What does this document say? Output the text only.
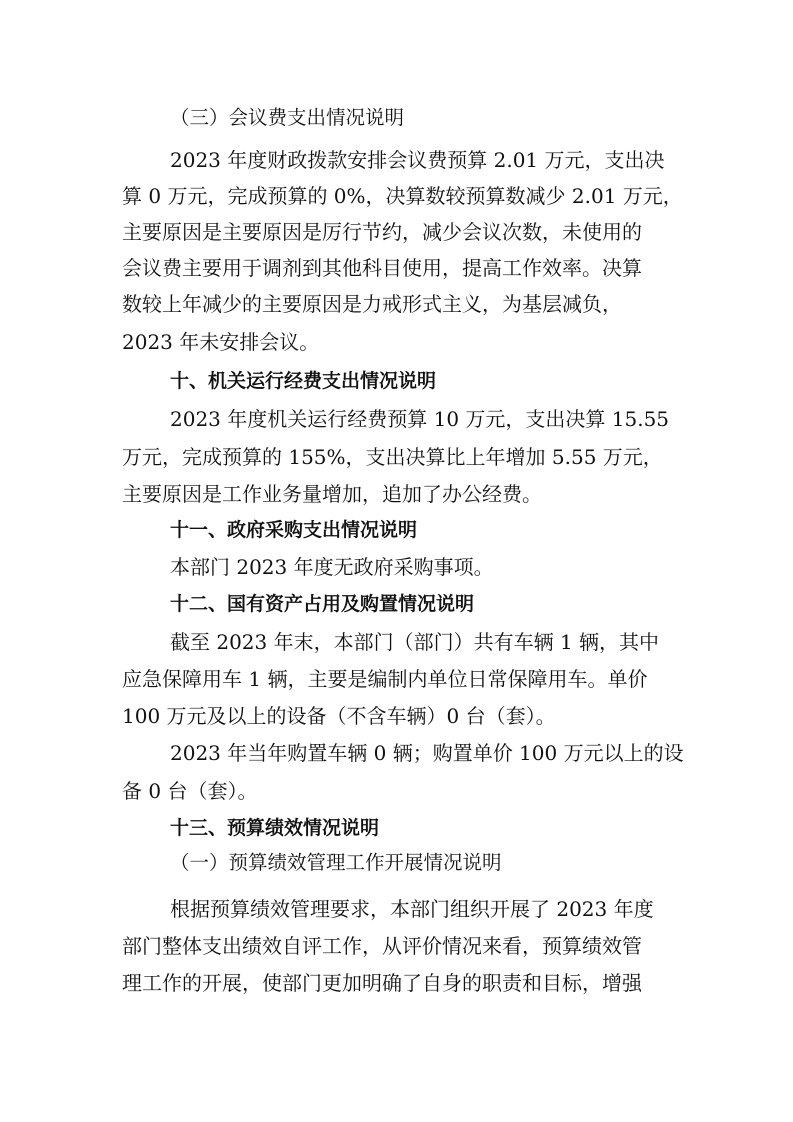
（三）会议费支出情况说明
2023 年度财政拨款安排会议费预算 2.01 万元，支出决
算 0 万元，完成预算的 0%，决算数较预算数减少 2.01 万元，
主要原因是主要原因是厉行节约，减少会议次数，未使用的
会议费主要用于调剂到其他科目使用，提高工作效率。决算
数较上年减少的主要原因是力戒形式主义，为基层减负，
2023 年未安排会议。
十、机关运行经费支出情况说明
2023 年度机关运行经费预算 10 万元，支出决算 15.55
万元，完成预算的 155%，支出决算比上年增加 5.55 万元，
主要原因是工作业务量增加，追加了办公经费。
十一、政府采购支出情况说明
本部门 2023 年度无政府采购事项。
十二、国有资产占用及购置情况说明
截至 2023 年末，本部门（部门）共有车辆 1 辆，其中
应急保障用车 1 辆，主要是编制内单位日常保障用车。单价
100 万元及以上的设备（不含车辆）0 台（套）。
2023 年当年购置车辆 0 辆；购置单价 100 万元以上的设
备 0 台（套）。
十三、预算绩效情况说明
（一）预算绩效管理工作开展情况说明
根据预算绩效管理要求，本部门组织开展了 2023 年度
部门整体支出绩效自评工作，从评价情况来看，预算绩效管
理工作的开展，使部门更加明确了自身的职责和目标，增强
